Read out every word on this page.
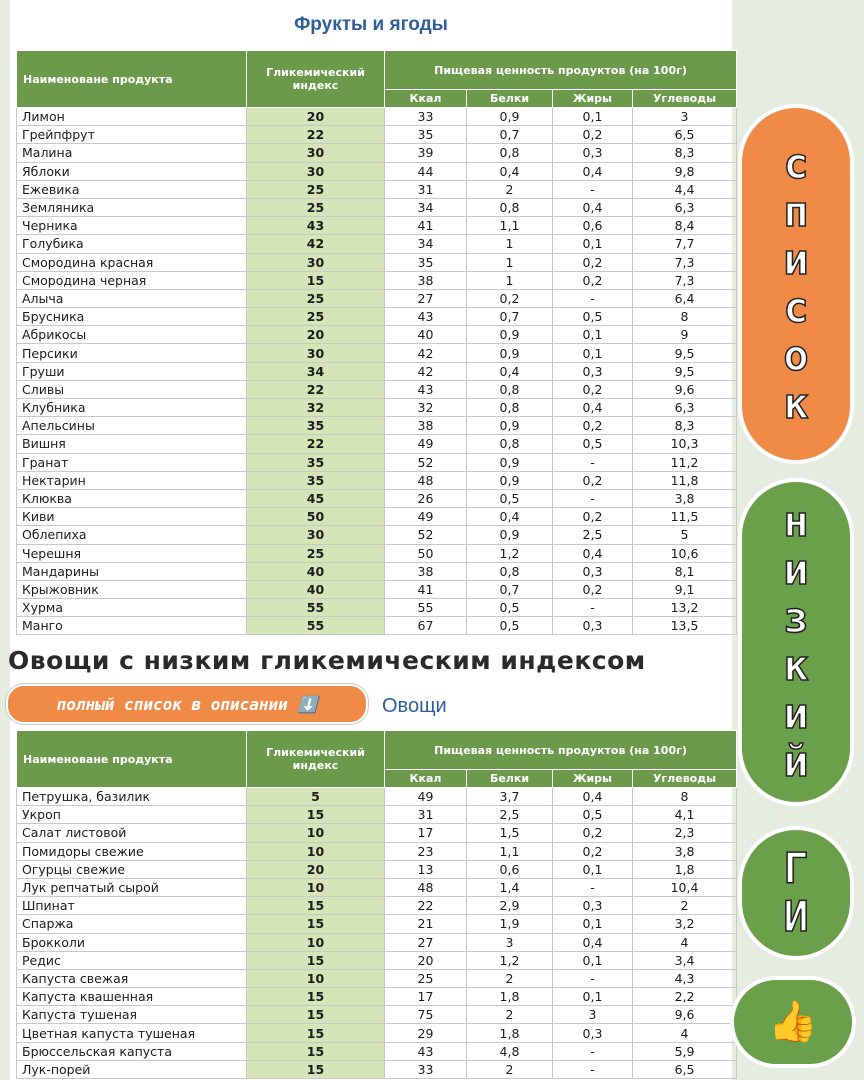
Фрукты и ягоды
Наименоване продукта	Гликемический индекс	Пищевая ценность продуктов (на 100г)			
		Ккал	Белки	Жиры	Углеводы
Лимон	20	33	0,9	0,1	3
Грейпфрут	22	35	0,7	0,2	6,5
Малина	30	39	0,8	0,3	8,3
Яблоки	30	44	0,4	0,4	9,8
Ежевика	25	31	2	-	4,4
Земляника	25	34	0,8	0,4	6,3
Черника	43	41	1,1	0,6	8,4
Голубика	42	34	1	0,1	7,7
Смородина красная	30	35	1	0,2	7,3
Смородина черная	15	38	1	0,2	7,3
Алыча	25	27	0,2	-	6,4
Брусника	25	43	0,7	0,5	8
Абрикосы	20	40	0,9	0,1	9
Персики	30	42	0,9	0,1	9,5
Груши	34	42	0,4	0,3	9,5
Сливы	22	43	0,8	0,2	9,6
Клубника	32	32	0,8	0,4	6,3
Апельсины	35	38	0,9	0,2	8,3
Вишня	22	49	0,8	0,5	10,3
Гранат	35	52	0,9	-	11,2
Нектарин	35	48	0,9	0,2	11,8
Клюква	45	26	0,5	-	3,8
Киви	50	49	0,4	0,2	11,5
Облепиха	30	52	0,9	2,5	5
Черешня	25	50	1,2	0,4	10,6
Мандарины	40	38	0,8	0,3	8,1
Крыжовник	40	41	0,7	0,2	9,1
Хурма	55	55	0,5	-	13,2
Манго	55	67	0,5	0,3	13,5
Наименоване продукта	Гликемический индекс	Пищевая ценность продуктов (на 100г)			
		Ккал	Белки	Жиры	Углеводы
Петрушка, базилик	5	49	3,7	0,4	8
Укроп	15	31	2,5	0,5	4,1
Салат листовой	10	17	1,5	0,2	2,3
Помидоры свежие	10	23	1,1	0,2	3,8
Огурцы свежие	20	13	0,6	0,1	1,8
Лук репчатый сырой	10	48	1,4	-	10,4
Шпинат	15	22	2,9	0,3	2
Спаржа	15	21	1,9	0,1	3,2
Брокколи	10	27	3	0,4	4
Редис	15	20	1,2	0,1	3,4
Капуста свежая	10	25	2	-	4,3
Капуста квашенная	15	17	1,8	0,1	2,2
Капуста тушеная	15	75	2	3	9,6
Цветная капуста тушеная	15	29	1,8	0,3	4
Брюссельская капуста	15	43	4,8	-	5,9
Лук-порей	15	33	2	-	6,5
Овощи с низким гликемическим индексом
полный список в описании ⬇️	Овощи
с
п
и
с
о
к
н
и
з
к
и
й
Г
И
👍
